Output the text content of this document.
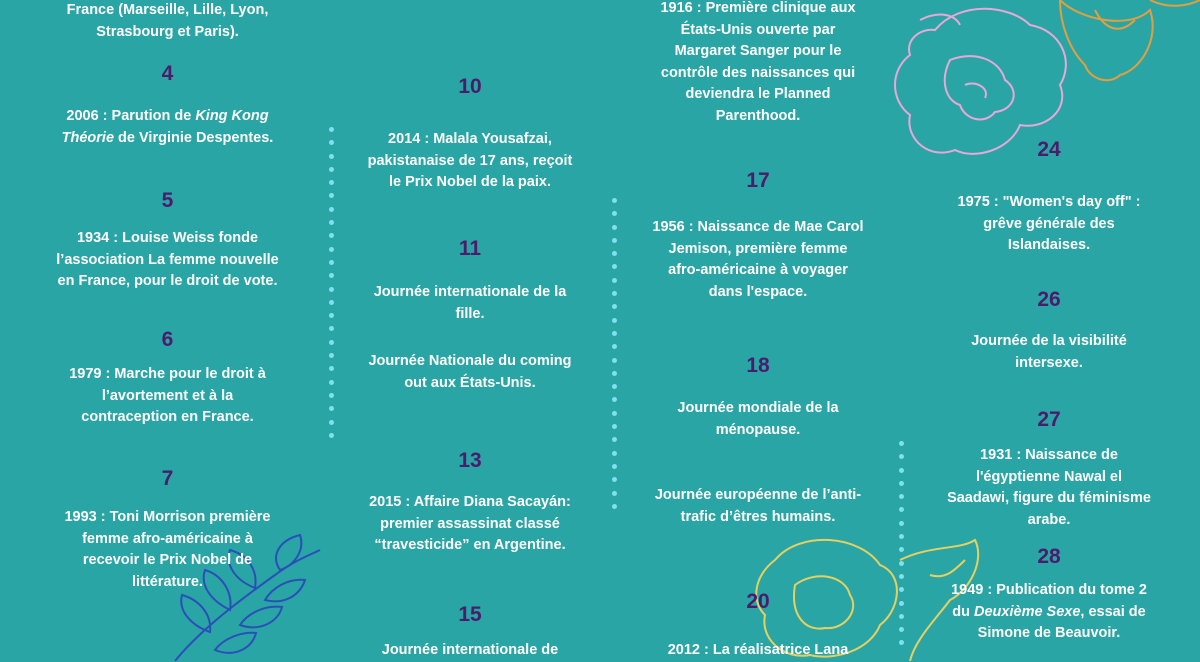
France (Marseille, Lille, Lyon,
Strasbourg et Paris).
4
2006 : Parution de King Kong
Théorie de Virginie Despentes.
5
1934 : Louise Weiss fonde
l’association La femme nouvelle
en France, pour le droit de vote.
6
1979 : Marche pour le droit à
l’avortement et à la
contraception en France.
7
1993 : Toni Morrison première
femme afro-américaine à
recevoir le Prix Nobel de
littérature.
10
2014 : Malala Yousafzai,
pakistanaise de 17 ans, reçoit
le Prix Nobel de la paix.
11
Journée internationale de la
fille.
Journée Nationale du coming
out aux États-Unis.
13
2015 : Affaire Diana Sacayán:
premier assassinat classé
“travesticide” en Argentine.
15
Journée internationale de
1916 : Première clinique aux
États-Unis ouverte par
Margaret Sanger pour le
contrôle des naissances qui
deviendra le Planned
Parenthood.
17
1956 : Naissance de Mae Carol
Jemison, première femme
afro-américaine à voyager
dans l'espace.
18
Journée mondiale de la
ménopause.
Journée européenne de l’anti-
trafic d’êtres humains.
20
2012 : La réalisatrice Lana
24
1975 : "Women's day off" :
grêve générale des
Islandaises.
26
Journée de la visibilité
intersexe.
27
1931 : Naissance de
l'égyptienne Nawal el
Saadawi, figure du féminisme
arabe.
28
1949 : Publication du tome 2
du Deuxième Sexe, essai de
Simone de Beauvoir.
